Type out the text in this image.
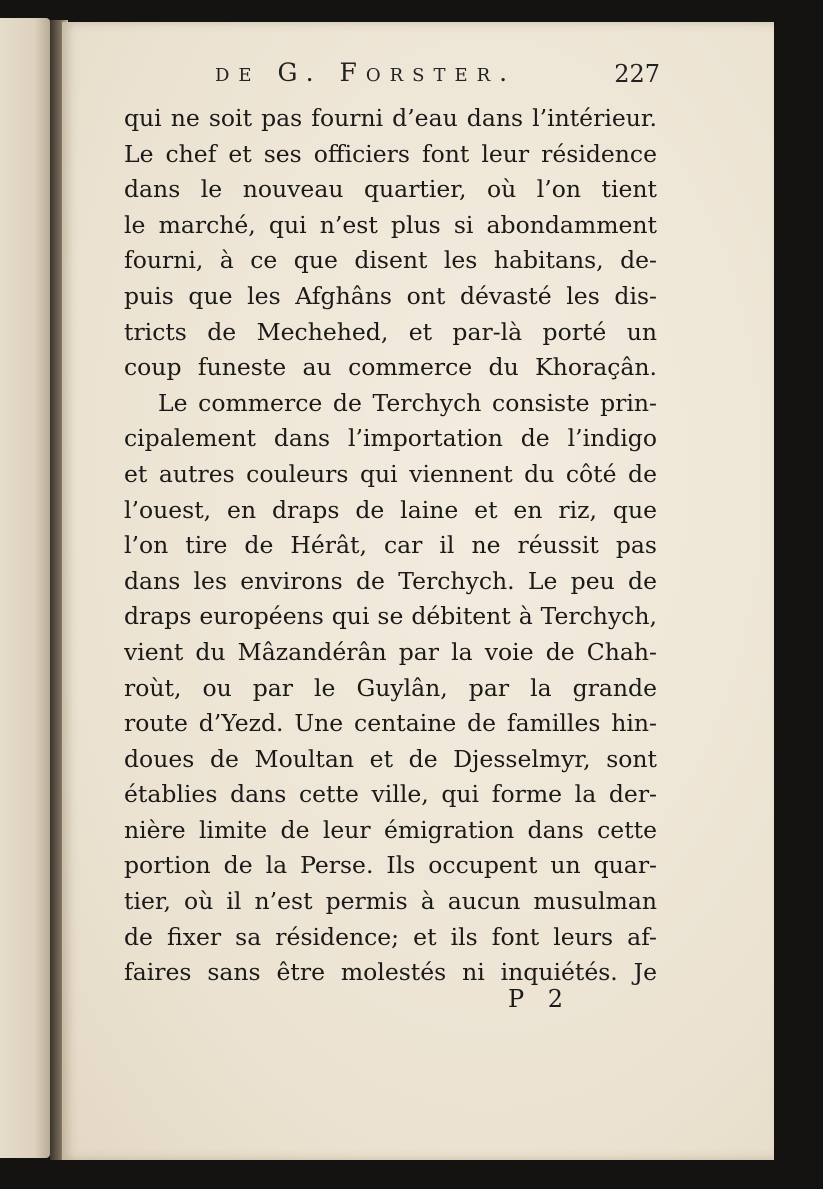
de G. Forster.	227
qui ne soit pas fourni d’eau dans l’intérieur.
Le chef et ses officiers font leur résidence
dans le nouveau quartier, où l’on tient
le marché, qui n’est plus si abondamment
fourni, à ce que disent les habitans, de-
puis que les Afghâns ont dévasté les dis-
tricts de Mechehed, et par-là porté un
coup funeste au commerce du Khoraçân.
Le commerce de Terchych consiste prin-
cipalement dans l’importation de l’indigo
et autres couleurs qui viennent du côté de
l’ouest, en draps de laine et en riz, que
l’on tire de Hérât, car il ne réussit pas
dans les environs de Terchych. Le peu de
draps européens qui se débitent à Terchych,
vient du Mâzandérân par la voie de Chah-
roùt, ou par le Guylân, par la grande
route d’Yezd. Une centaine de familles hin-
doues de Moultan et de Djesselmyr, sont
établies dans cette ville, qui forme la der-
nière limite de leur émigration dans cette
portion de la Perse. Ils occupent un quar-
tier, où il n’est permis à aucun musulman
de fixer sa résidence; et ils font leurs af-
faires sans être molestés ni inquiétés. Je
P 2
